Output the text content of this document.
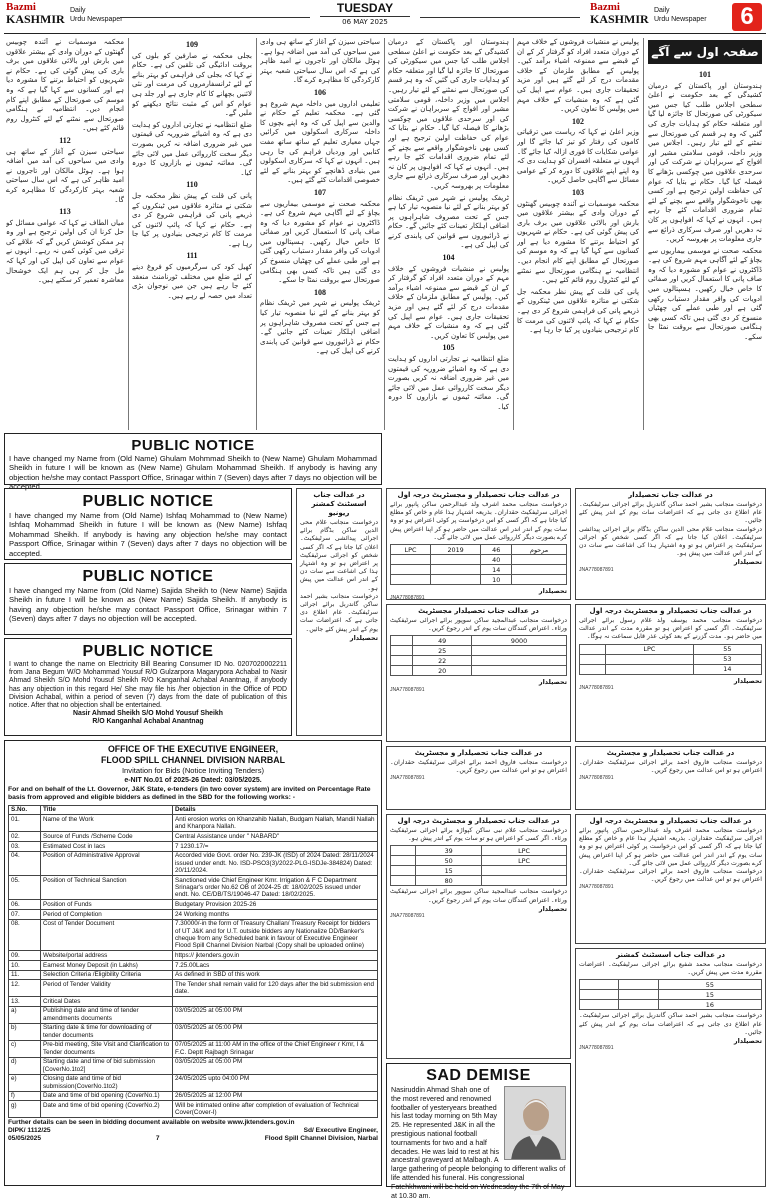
Bazmi
KASHMIR
Daily
Urdu Newspaper
TUESDAY
06 MAY 2025
Bazmi
KASHMIR
Daily
Urdu Newspaper	6
صفحہ اول سے آگے
101

ہندوستان اور پاکستان کے درمیان کشیدگی کے بعد حکومت نے اعلیٰ سطحی اجلاس طلب کیا جس میں سیکورٹی کی صورتحال کا جائزہ لیا گیا اور متعلقہ حکام کو ہدایات جاری کی گئیں کہ وہ ہر قسم کی صورتحال سے نمٹنے کے لئے تیار رہیں۔ اجلاس میں وزیر داخلہ، قومی سلامتی مشیر اور افواج کے سربراہان نے شرکت کی اور سرحدی علاقوں میں چوکسی بڑھانے کا فیصلہ کیا گیا۔ حکام نے بتایا کہ عوام کی حفاظت اولین ترجیح ہے اور کسی بھی ناخوشگوار واقعے سے بچنے کے لئے تمام ضروری اقدامات کئے جا رہے ہیں۔ انہوں نے کہا کہ افواہوں پر کان نہ دھریں اور صرف سرکاری ذرائع سے جاری معلومات پر بھروسہ کریں۔

محکمہ صحت نے موسمی بیماریوں سے بچاؤ کے لئے آگاہی مہم شروع کی ہے۔ ڈاکٹروں نے عوام کو مشورہ دیا کہ وہ صاف پانی کا استعمال کریں اور صفائی کا خاص خیال رکھیں۔ ہسپتالوں میں ادویات کی وافر مقدار دستیاب رکھی گئی ہے اور طبی عملے کی چھٹیاں منسوخ کر دی گئی ہیں تاکہ کسی بھی ہنگامی صورتحال سے بروقت نمٹا جا سکے۔

پولیس نے منشیات فروشوں کے خلاف مہم کے دوران متعدد افراد کو گرفتار کر کے ان کے قبضے سے ممنوعہ اشیاء برآمد کیں۔ پولیس کے مطابق ملزمان کے خلاف مقدمات درج کر لئے گئے ہیں اور مزید تحقیقات جاری ہیں۔ عوام سے اپیل کی گئی ہے کہ وہ منشیات کے خلاف مہم میں پولیس کا تعاون کریں۔

102

وزیر اعلیٰ نے کہا کہ ریاست میں ترقیاتی کاموں کی رفتار کو تیز کیا جائے گا اور عوامی شکایات کا فوری ازالہ کیا جائے گا۔ انہوں نے متعلقہ افسران کو ہدایت دی کہ وہ اپنے اپنے علاقوں کا دورہ کر کے عوامی مسائل سے آگاہی حاصل کریں۔

103

محکمہ موسمیات نے آئندہ چوبیس گھنٹوں کے دوران وادی کے بیشتر علاقوں میں بارش اور بالائی علاقوں میں برف باری کی پیش گوئی کی ہے۔ حکام نے شہریوں کو احتیاط برتنے کا مشورہ دیا ہے اور کسانوں سے کہا گیا ہے کہ وہ موسم کی صورتحال کے مطابق اپنے کام انجام دیں۔ انتظامیہ نے ہنگامی صورتحال سے نمٹنے کے لئے کنٹرول روم قائم کئے ہیں۔

پانی کی قلت کے پیش نظر محکمہ جل شکتی نے متاثرہ علاقوں میں ٹینکروں کے ذریعے پانی کی فراہمی شروع کر دی ہے۔ حکام نے کہا کہ پائپ لائنوں کی مرمت کا کام ترجیحی بنیادوں پر کیا جا رہا ہے۔

ہندوستان اور پاکستان کے درمیان کشیدگی کے بعد حکومت نے اعلیٰ سطحی اجلاس طلب کیا جس میں سیکورٹی کی صورتحال کا جائزہ لیا گیا اور متعلقہ حکام کو ہدایات جاری کی گئیں کہ وہ ہر قسم کی صورتحال سے نمٹنے کے لئے تیار رہیں۔ اجلاس میں وزیر داخلہ، قومی سلامتی مشیر اور افواج کے سربراہان نے شرکت کی اور سرحدی علاقوں میں چوکسی بڑھانے کا فیصلہ کیا گیا۔ حکام نے بتایا کہ عوام کی حفاظت اولین ترجیح ہے اور کسی بھی ناخوشگوار واقعے سے بچنے کے لئے تمام ضروری اقدامات کئے جا رہے ہیں۔ انہوں نے کہا کہ افواہوں پر کان نہ دھریں اور صرف سرکاری ذرائع سے جاری معلومات پر بھروسہ کریں۔

ٹریفک پولیس نے شہر میں ٹریفک نظام کو بہتر بنانے کے لئے نیا منصوبہ تیار کیا ہے جس کے تحت مصروف شاہراہوں پر اضافی اہلکار تعینات کئے جائیں گے۔ حکام نے ڈرائیوروں سے قوانین کی پابندی کرنے کی اپیل کی ہے۔

104

پولیس نے منشیات فروشوں کے خلاف مہم کے دوران متعدد افراد کو گرفتار کر کے ان کے قبضے سے ممنوعہ اشیاء برآمد کیں۔ پولیس کے مطابق ملزمان کے خلاف مقدمات درج کر لئے گئے ہیں اور مزید تحقیقات جاری ہیں۔ عوام سے اپیل کی گئی ہے کہ وہ منشیات کے خلاف مہم میں پولیس کا تعاون کریں۔

105

ضلع انتظامیہ نے تجارتی اداروں کو ہدایت دی ہے کہ وہ اشیائے ضروریہ کی قیمتوں میں غیر ضروری اضافہ نہ کریں بصورت دیگر سخت کارروائی عمل میں لائی جائے گی۔ معائنہ ٹیموں نے بازاروں کا دورہ کیا۔

سیاحتی سیزن کے آغاز کے ساتھ ہی وادی میں سیاحوں کی آمد میں اضافہ ہوا ہے۔ ہوٹل مالکان اور تاجروں نے امید ظاہر کی ہے کہ اس سال سیاحتی شعبہ بہتر کارکردگی کا مظاہرہ کرے گا۔

106

تعلیمی اداروں میں داخلہ مہم شروع ہو گئی ہے۔ محکمہ تعلیم کے حکام نے والدین سے اپیل کی کہ وہ اپنے بچوں کا داخلہ سرکاری اسکولوں میں کرائیں جہاں معیاری تعلیم کے ساتھ ساتھ مفت کتابیں اور وردیاں فراہم کی جا رہی ہیں۔ انہوں نے کہا کہ سرکاری اسکولوں میں بنیادی ڈھانچے کو بہتر بنانے کے لئے خصوصی اقدامات کئے گئے ہیں۔

107

محکمہ صحت نے موسمی بیماریوں سے بچاؤ کے لئے آگاہی مہم شروع کی ہے۔ ڈاکٹروں نے عوام کو مشورہ دیا کہ وہ صاف پانی کا استعمال کریں اور صفائی کا خاص خیال رکھیں۔ ہسپتالوں میں ادویات کی وافر مقدار دستیاب رکھی گئی ہے اور طبی عملے کی چھٹیاں منسوخ کر دی گئی ہیں تاکہ کسی بھی ہنگامی صورتحال سے بروقت نمٹا جا سکے۔

108

ٹریفک پولیس نے شہر میں ٹریفک نظام کو بہتر بنانے کے لئے نیا منصوبہ تیار کیا ہے جس کے تحت مصروف شاہراہوں پر اضافی اہلکار تعینات کئے جائیں گے۔ حکام نے ڈرائیوروں سے قوانین کی پابندی کرنے کی اپیل کی ہے۔

109

بجلی محکمہ نے صارفین کو بلوں کی بروقت ادائیگی کی تلقین کی ہے۔ حکام نے کہا کہ بجلی کی فراہمی کو بہتر بنانے کے لئے ٹرانسفارمروں کی مرمت اور نئی لائنیں بچھانے کا کام جاری ہے اور جلد ہی عوام کو اس کے مثبت نتائج دیکھنے کو ملیں گے۔

ضلع انتظامیہ نے تجارتی اداروں کو ہدایت دی ہے کہ وہ اشیائے ضروریہ کی قیمتوں میں غیر ضروری اضافہ نہ کریں بصورت دیگر سخت کارروائی عمل میں لائی جائے گی۔ معائنہ ٹیموں نے بازاروں کا دورہ کیا۔

110

پانی کی قلت کے پیش نظر محکمہ جل شکتی نے متاثرہ علاقوں میں ٹینکروں کے ذریعے پانی کی فراہمی شروع کر دی ہے۔ حکام نے کہا کہ پائپ لائنوں کی مرمت کا کام ترجیحی بنیادوں پر کیا جا رہا ہے۔

111

کھیل کود کی سرگرمیوں کو فروغ دینے کے لئے ضلع میں مختلف ٹورنامنٹ منعقد کئے جا رہے ہیں جن میں نوجوان بڑی تعداد میں حصہ لے رہے ہیں۔

محکمہ موسمیات نے آئندہ چوبیس گھنٹوں کے دوران وادی کے بیشتر علاقوں میں بارش اور بالائی علاقوں میں برف باری کی پیش گوئی کی ہے۔ حکام نے شہریوں کو احتیاط برتنے کا مشورہ دیا ہے اور کسانوں سے کہا گیا ہے کہ وہ موسم کی صورتحال کے مطابق اپنے کام انجام دیں۔ انتظامیہ نے ہنگامی صورتحال سے نمٹنے کے لئے کنٹرول روم قائم کئے ہیں۔

112

سیاحتی سیزن کے آغاز کے ساتھ ہی وادی میں سیاحوں کی آمد میں اضافہ ہوا ہے۔ ہوٹل مالکان اور تاجروں نے امید ظاہر کی ہے کہ اس سال سیاحتی شعبہ بہتر کارکردگی کا مظاہرہ کرے گا۔

113

میاں الطاف نے کہا کہ عوامی مسائل کو حل کرنا ان کی اولین ترجیح ہے اور وہ ہر ممکن کوشش کریں گے کہ علاقے کی ترقی میں کوئی کمی نہ رہے۔ انہوں نے عوام سے تعاون کی اپیل کی اور کہا کہ مل جل کر ہی ہم ایک خوشحال معاشرہ تعمیر کر سکتے ہیں۔

PUBLIC NOTICE
I have changed my Name from (Old Name) Ghulam Mohmmad Sheikh to (New Name) Ghulam Mohammad Sheikh in future I will be known as (New Name) Ghulam Mohammad Sheikh. If anybody is having any objection he/she may contact Passport Office, Srinagar within 7 (Seven) days after 7 days no objection will be accepted
PUBLIC NOTICE
I have changed my Name from (Old Name) Ishfaq Mohammad to (New Name) Ishfaq Mohammad Sheikh in future I will be known as (New Name) Ishfaq Mohammad Sheikh. If anybody is having any objection he/she may contact Passport Office, Srinagar within 7 (Seven) days after 7 days no objection will be accepted.
PUBLIC NOTICE
I have changed my Name from (Old Name) Sajida Sheikh to (New Name) Sajida Sheikh in future I will be known as (New Name) Sajida Sheikh. If anybody is having any objection he/she may contact Passport Office, Srinagar within 7 (Seven) days after 7 days no objection will be accepted.
PUBLIC NOTICE
I want to change the name on Electricity Bill Bearing Consumer ID No. 0207020002211 from Jana Begum W/O Mohammad Yousuf R/O Gulzarpora Magarypora Achabal to Nasir Ahmad Sheikh S/O Mohd Yousuf Sheikh R/O Kanganhal Achabal Anantnag, if anybody has any objection in this regard He/ She may file his /her objection in the Office of PDD Division Achabal, within a period of seven (7) days from the date of publication of this notice. After that no objection shall be entertained.
Nasir Ahmad Sheikh S/O Mohd Yousuf Sheikh
R/O Kanganhal Achabal Anantnag
در عدالت جناب اسسٹنٹ کمشنر ریونیو
درخواست منجانب غلام محی الدین ساکن بڈگام برائے اجرائی پیدائشی سرٹیفکیٹ۔ اعلان کیا جاتا ہے کہ اگر کسی شخص کو اجرائی سرٹیفکیٹ پر اعتراض ہو تو وہ اشتہار ہذا کی اشاعت سے سات دن کے اندر اس عدالت میں پیش ہو۔
درخواست منجانب بشیر احمد ساکن گاندربل برائے اجرائی سرٹیفکیٹ۔ عام اطلاع دی جاتی ہے کہ اعتراضات سات یوم کے اندر پیش کئے جائیں۔
تحصیلدار
در عدالت جناب تحصیلدار و مجسٹریٹ درجہ اول
درخواست منجانب محمد اشرف ولد عبدالرحمن ساکن پانپور برائے اجرائی سرٹیفکیٹ حقداران۔ بذریعہ اشتہار ہذا عام و خاص کو مطلع کیا جاتا ہے کہ اگر کسی کو اس درخواست پر کوئی اعتراض ہو تو وہ سات یوم کے اندر اندر اس عدالت میں حاضر ہو کر اپنا اعتراض پیش کرے بصورت دیگر کارروائی عمل میں لائی جائے گی۔
مرحوم	46	2019	LPC
	40		
	14		
	10		
تحصیلدار
JNA778087891
در عدالت جناب تحصیلدار مجسٹریٹ
درخواست منجانب عبدالمجید ساکن سوپور برائے اجرائی سرٹیفکیٹ ورثاء۔ اعتراض کنندگان سات یوم کے اندر رجوع کریں۔
9000	49	
	25	
	22	
	20	
تحصیلدار
JNA778087891
در عدالت جناب تحصیلدار
درخواست منجانب بشیر احمد ساکن گاندربل برائے اجرائی سرٹیفکیٹ۔ عام اطلاع دی جاتی ہے کہ اعتراضات سات یوم کے اندر پیش کئے جائیں۔
درخواست منجانب غلام محی الدین ساکن بڈگام برائے اجرائی پیدائشی سرٹیفکیٹ۔ اعلان کیا جاتا ہے کہ اگر کسی شخص کو اجرائی سرٹیفکیٹ پر اعتراض ہو تو وہ اشتہار ہذا کی اشاعت سے سات دن کے اندر اس عدالت میں پیش ہو۔
تحصیلدار
JNA778087891
در عدالت جناب تحصیلدار و مجسٹریٹ درجہ اول
درخواست منجانب محمد یوسف ولد غلام رسول برائے اجرائی سرٹیفکیٹ۔ اگر کسی کو اعتراض ہو تو مقررہ مدت کے اندر عدالت میں حاضر ہو۔ مدت گزرنے کے بعد کوئی عذر قابل سماعت نہ ہوگا۔
55	LPC	
53		
14		
تحصیلدار
JNA778087891
در عدالت جناب تحصیلدار و مجسٹریٹ
درخواست منجانب فاروق احمد برائے اجرائی سرٹیفکیٹ حقداران۔ اعتراض ہو تو اس عدالت میں رجوع کریں۔
JNA778087891
در عدالت جناب تحصیلدار و مجسٹریٹ
درخواست منجانب فاروق احمد برائے اجرائی سرٹیفکیٹ حقداران۔ اعتراض ہو تو اس عدالت میں رجوع کریں۔
JNA778087891
در عدالت جناب تحصیلدار و مجسٹریٹ درجہ اول
درخواست منجانب غلام نبی ساکن کپواڑہ برائے اجرائی سرٹیفکیٹ ورثاء۔ اگر کسی کو اعتراض ہو تو سات یوم کے اندر پیش ہو۔
LPC	39	
LPC	50	
	15	
	80	
درخواست منجانب عبدالمجید ساکن سوپور برائے اجرائی سرٹیفکیٹ ورثاء۔ اعتراض کنندگان سات یوم کے اندر رجوع کریں۔
تحصیلدار
JNA778087891
در عدالت جناب تحصیلدار و مجسٹریٹ درجہ اول
درخواست منجانب محمد اشرف ولد عبدالرحمن ساکن پانپور برائے اجرائی سرٹیفکیٹ حقداران۔ بذریعہ اشتہار ہذا عام و خاص کو مطلع کیا جاتا ہے کہ اگر کسی کو اس درخواست پر کوئی اعتراض ہو تو وہ سات یوم کے اندر اندر اس عدالت میں حاضر ہو کر اپنا اعتراض پیش کرے بصورت دیگر کارروائی عمل میں لائی جائے گی۔
درخواست منجانب فاروق احمد برائے اجرائی سرٹیفکیٹ حقداران۔ اعتراض ہو تو اس عدالت میں رجوع کریں۔
JNA778087891
در عدالت جناب اسسٹنٹ کمشنر
درخواست منجانب محمد شفیع برائے اجرائی سرٹیفکیٹ۔ اعتراضات مقررہ مدت میں پیش کریں۔
55		
15		
16		
درخواست منجانب بشیر احمد ساکن گاندربل برائے اجرائی سرٹیفکیٹ۔ عام اطلاع دی جاتی ہے کہ اعتراضات سات یوم کے اندر پیش کئے جائیں۔
تحصیلدار
JNA778087891
OFFICE OF THE EXECUTIVE ENGINEER,
FLOOD SPILL CHANNEL DIVISION NARBAL
Invitation for Bids (Notice Inviting Tenders)
e-NIT No.01 of 2025-26 Dated: 03/05/2025.
For and on behalf of the Lt. Governor, J&K State, e-tenders (in two cover system) are invited on Percentage Rate basis from approved and eligible bidders as defined in the SBD for the following works: -
S.No.	Title	Details
01.	Name of the Work	Anti erosion works on Khanzahib Nallah, Budgam Nallah, Mandil Nallah and Khanpora Nallah.
02.	Source of Funds /Scheme Code	Central Assistance under " NABARD"
03.	Estimated Cost in lacs	7 1230.17/=
04.	Position of Administrative Approval	Accorded vide Govt. order No. 239-JK (ISD) of 2024 Dated: 28/11/2024 issued under endt. No. ISD-PSO3(3)/2022-PLG-ISDJe-384824) Dated: 20/11/2024.
05.	Position of Technical Sanction	Sanctioned vide Chief Engineer Kmr. Irrigation & F C Department Srinagar's order No.62 OB of 2024-25 dt: 18/02/2025 issued under endt. No. CE/DB/TS/19046-47 Dated: 18/02/2025.
06.	Position of Funds	Budgetary Provision 2025-26
07.	Period of Completion	24 Working months
08.	Cost of Tender Document	7.30000/-in the form of Treasury Challan/ Treasury Receipt for bidders of UT J&K and for U.T. outside bidders any Nationalize DD/Banker's cheque from any Scheduled bank in favour of Executive Engineer Flood Spill Channel Division Narbal (Copy shall be uploaded online)
09.	Website/portal address	https:// jktenders.gov.in
10.	Earnest Money Deposit (in Lakhs)	7.25.00Lacs
11.	Selection Criteria /Eligibility Criteria	As defined in SBD of this work
12.	Period of Tender Validity	The Tender shall remain valid for 120 days after the bid submission end date.
13.	Critical Dates	
a)	Publishing date and time of tender amendments documents	03/05/2025 at 05:00 PM
b)	Starting date & time for downloading of tender documents	03/05/2025 at 05:00 PM
c)	Pre-bid meeting, Site Visit and Clarification to Tender documents	07/05/2025 at 11:00 AM in the office of the Chief Engineer r Kmr, I & F.C. Deptt Rajbagh Srinagar
d)	Starting date and time of bid submission [CoverNo.1to2]	03/05/2025 at 05:00 PM
e)	Closing date and time of bid submission(CoverNo.1to2)	24/05/2025 upto 04:00 PM
f)	Date and time of bid opening (CoverNo.1)	26/05/2025 at 12:00 PM
g)	Date and time of bid opening (CoverNo.2)	Will be intimated online after completion of evaluation of Technical Cover(Cover-I)
Further details can be seen in bidding document available on website www.jktenders.gov.in
DIPK/ 1112/25
05/05/2025	7
Sd/ Executive Engineer,
Flood Spill Channel Division, Narbal
SAD DEMISE
Nasiruddin Ahmad Shah one of the most revered and renowned footballer of yesteryears breathed his last today morning on 5th May 25. He represented J&K in all the prestigious national football tournaments for two and a half decades. He was laid to rest at his ancestral graveyard at Malbagh. A large gathering of people belonging to different walks of life attended his funeral. His congressional Fatehkhwani will be held on Wednesday the 7th of May at 10.30 am.
